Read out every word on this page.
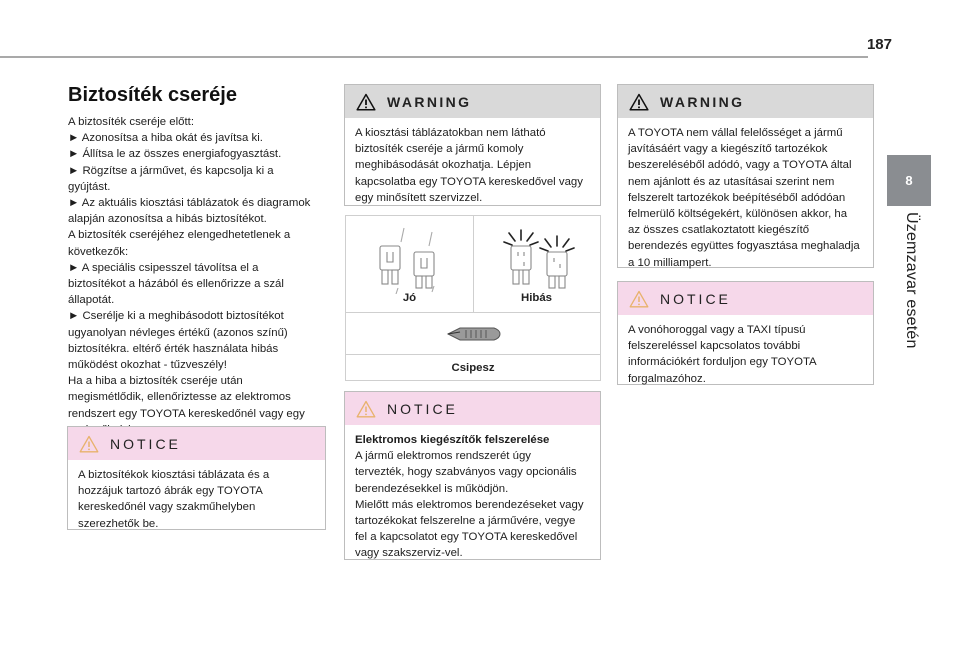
187
8
Üzemzavar esetén
Biztosíték cseréje

A biztosíték cseréje előtt:

► Azonosítsa a hiba okát és javítsa ki.

► Állítsa le az összes energiafogyasztást.

► Rögzítse a járművet, és kapcsolja ki a

gyújtást.

► Az aktuális kiosztási táblázatok és diagramok

alapján azonosítsa a hibás biztosítékot.

A biztosíték cseréjéhez elengedhetetlenek a

következők:

► A speciális csipesszel távolítsa el a

biztosítékot a házából és ellenőrizze a szál

állapotát.

► Cserélje ki a meghibásodott biztosítékot

ugyanolyan névleges értékű (azonos színű)

biztosítékra. eltérő érték használata hibás

működést okozhat - tűzveszély!

Ha a hiba a biztosíték cseréje után

megismétlődik, ellenőriztesse az elektromos

rendszert egy TOYOTA kereskedőnél vagy egy

NOTICE

A biztosítékok kiosztási táblázata és a

hozzájuk tartozó ábrák egy TOYOTA

kereskedőnél vagy szakműhelyben

szerezhetők be.

WARNING

A kiosztási táblázatokban nem látható

biztosíték cseréje a jármű komoly

meghibásodását okozhatja. Lépjen

kapcsolatba egy TOYOTA kereskedővel vagy

egy minősített szervizzel.

Jó	Hibás
Csipesz
NOTICE

Elektromos kiegészítők felszerelése

A jármű elektromos rendszerét úgy

tervezték, hogy szabványos vagy opcionális

berendezésekkel is működjön.

Mielőtt más elektromos berendezéseket vagy

tartozékokat felszerelne a járművére, vegye

fel a kapcsolatot egy TOYOTA kereskedővel

vagy szakszerviz-vel.

WARNING

A TOYOTA nem vállal felelősséget a jármű

javításáért vagy a kiegészítő tartozékok

beszereléséből adódó, vagy a TOYOTA által

nem ajánlott és az utasításai szerint nem

felszerelt tartozékok beépítéséből adódóan

felmerülő költségekért, különösen akkor, ha

az összes csatlakoztatott kiegészítő

berendezés együttes fogyasztása meghaladja

a 10 milliampert.

NOTICE

A vonóhoroggal vagy a TAXI típusú

felszereléssel kapcsolatos további

információkért forduljon egy TOYOTA

forgalmazóhoz.
